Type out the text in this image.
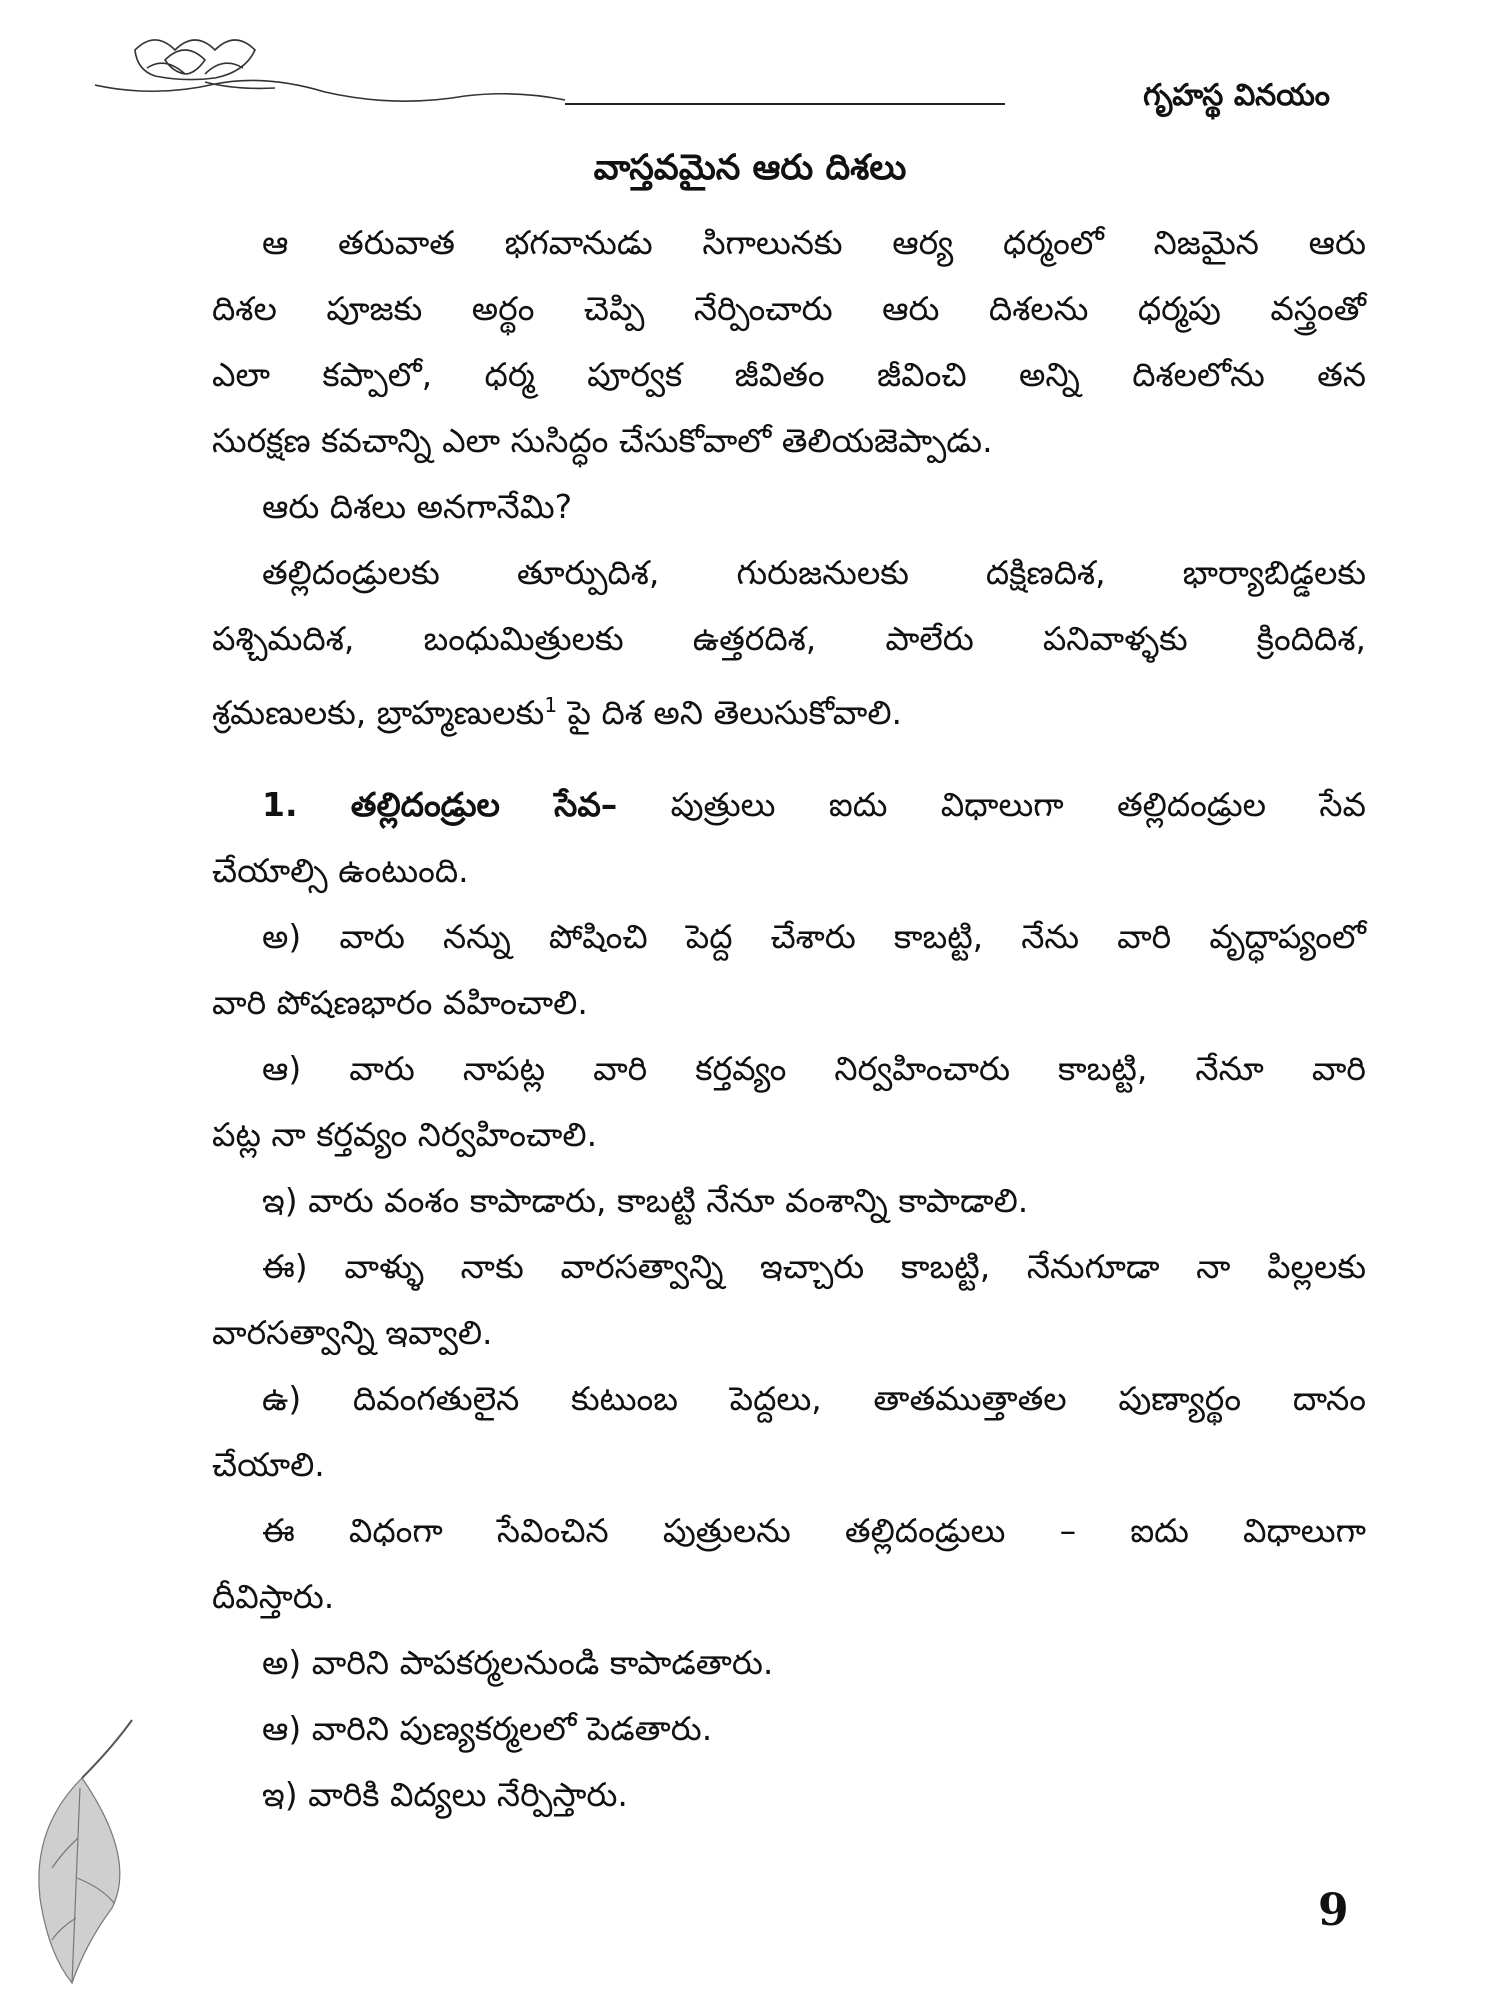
గృహస్థ వినయం
వాస్తవమైన ఆరు దిశలు

ఆ తరువాత భగవానుడు సిగాలునకు ఆర్య ధర్మంలో నిజమైన ఆరు

దిశల పూజకు అర్థం చెప్పి నేర్పించారు ఆరు దిశలను ధర్మపు వస్త్రంతో

ఎలా కప్పాలో, ధర్మ పూర్వక జీవితం జీవించి అన్ని దిశలలోను తన

సురక్షణ కవచాన్ని ఎలా సుసిద్ధం చేసుకోవాలో తెలియజెప్పాడు.

ఆరు దిశలు అనగానేమి?

తల్లిదండ్రులకు తూర్పుదిశ, గురుజనులకు దక్షిణదిశ, భార్యాబిడ్డలకు

పశ్చిమదిశ, బంధుమిత్రులకు ఉత్తరదిశ, పాలేరు పనివాళ్ళకు క్రిందిదిశ,

శ్రమణులకు, బ్రాహ్మణులకు$^1$ పై దిశ అని తెలుసుకోవాలి.

1. తల్లిదండ్రుల సేవ– పుత్రులు ఐదు విధాలుగా తల్లిదండ్రుల సేవ

చేయాల్సి ఉంటుంది.

అ) వారు నన్ను పోషించి పెద్ద చేశారు కాబట్టి, నేను వారి వృద్ధాప్యంలో

వారి పోషణభారం వహించాలి.

ఆ) వారు నాపట్ల వారి కర్తవ్యం నిర్వహించారు కాబట్టి, నేనూ వారి

పట్ల నా కర్తవ్యం నిర్వహించాలి.

ఇ) వారు వంశం కాపాడారు, కాబట్టి నేనూ వంశాన్ని కాపాడాలి.

ఈ) వాళ్ళు నాకు వారసత్వాన్ని ఇచ్చారు కాబట్టి, నేనుగూడా నా పిల్లలకు

వారసత్వాన్ని ఇవ్వాలి.

ఉ) దివంగతులైన కుటుంబ పెద్దలు, తాతముత్తాతల పుణ్యార్థం దానం

చేయాలి.

ఈ విధంగా సేవించిన పుత్రులను తల్లిదండ్రులు – ఐదు విధాలుగా

దీవిస్తారు.

అ) వారిని పాపకర్మలనుండి కాపాడతారు.

ఆ) వారిని పుణ్యకర్మలలో పెడతారు.

ఇ) వారికి విద్యలు నేర్పిస్తారు.

9
